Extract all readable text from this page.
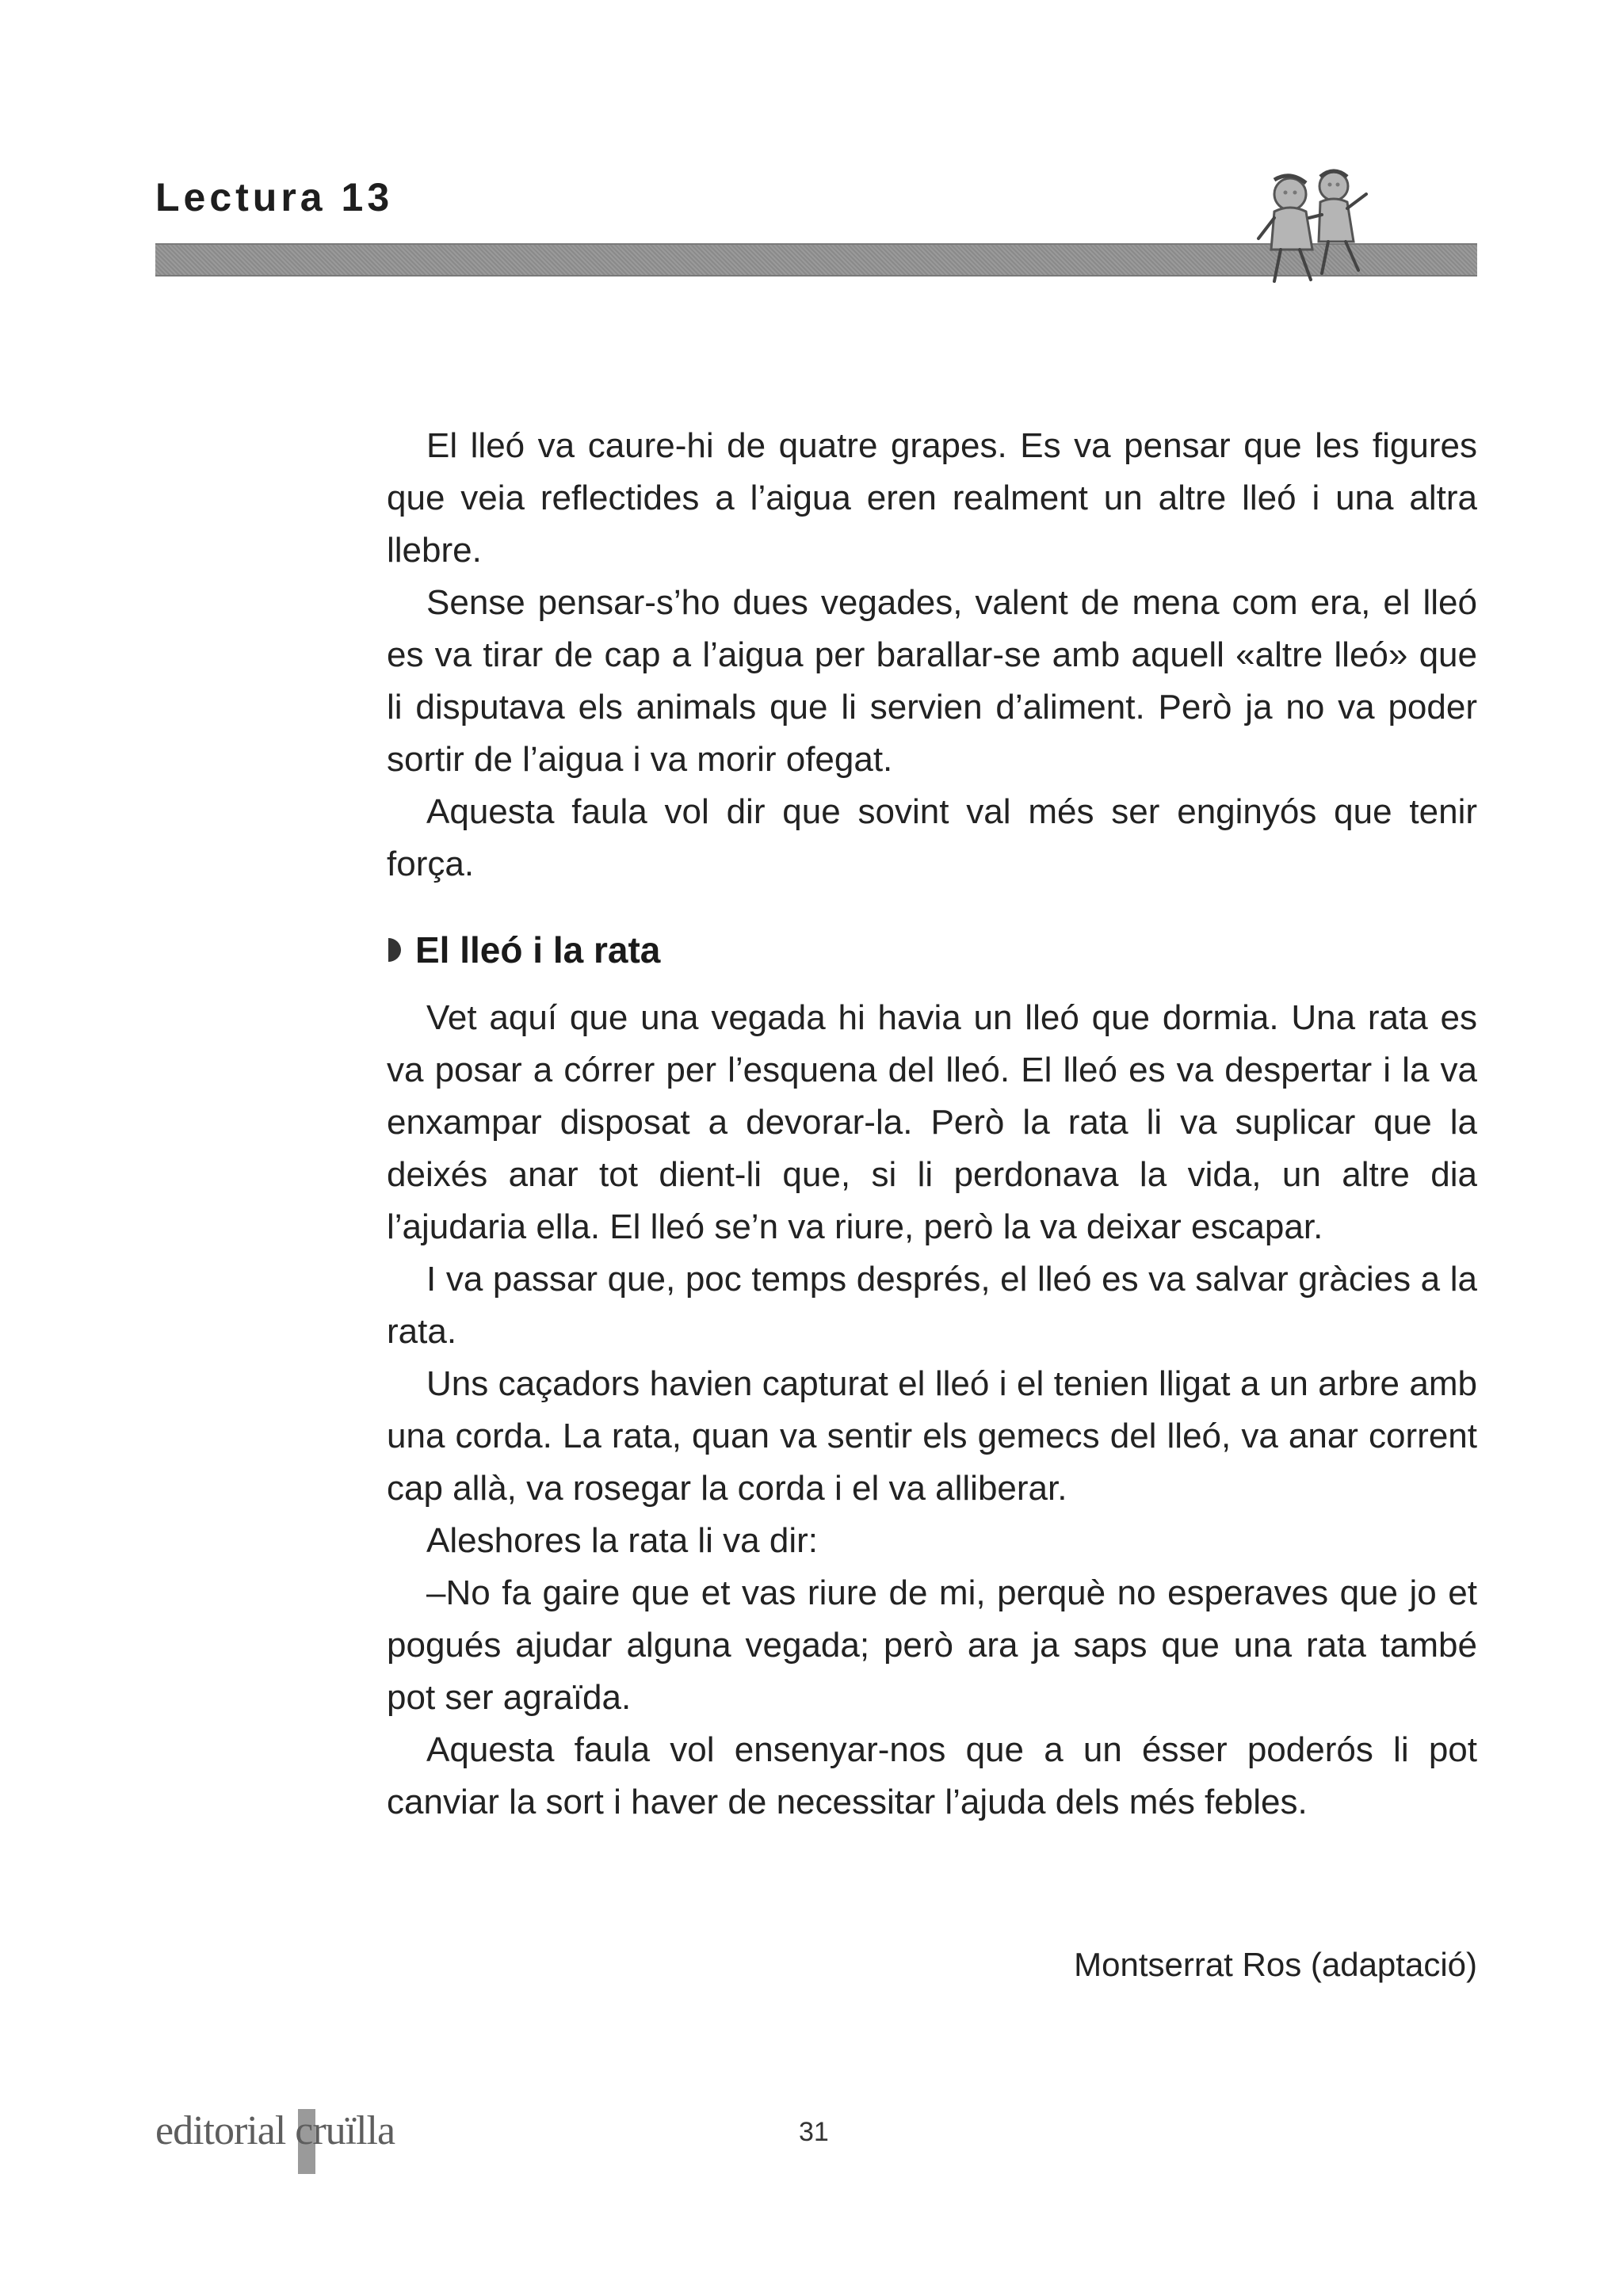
Lectura 13

El lleó va caure-hi de quatre grapes. Es va pensar que les figures que veia reflectides a l’aigua eren realment un altre lleó i una altra llebre.

Sense pensar-s’ho dues vegades, valent de mena com era, el lleó es va tirar de cap a l’aigua per barallar-se amb aquell «altre lleó» que li disputava els animals que li servien d’aliment. Però ja no va poder sortir de l’aigua i va morir ofegat.

Aquesta faula vol dir que sovint val més ser enginyós que tenir força.

El lleó i la rata

Vet aquí que una vegada hi havia un lleó que dormia. Una rata es va posar a córrer per l’esquena del lleó. El lleó es va despertar i la va enxampar disposat a devorar-la. Però la rata li va suplicar que la deixés anar tot dient-li que, si li perdonava la vida, un altre dia l’ajudaria ella. El lleó se’n va riure, però la va deixar escapar.

I va passar que, poc temps després, el lleó es va salvar gràcies a la rata.

Uns caçadors havien capturat el lleó i el tenien lligat a un arbre amb una corda. La rata, quan va sentir els gemecs del lleó, va anar corrent cap allà, va rosegar la corda i el va alliberar.

Aleshores la rata li va dir:

–No fa gaire que et vas riure de mi, perquè no esperaves que jo et pogués ajudar alguna vegada; però ara ja saps que una rata també pot ser agraïda.

Aquesta faula vol ensenyar-nos que a un ésser poderós li pot canviar la sort i haver de necessitar l’ajuda dels més febles.

Montserrat Ros (adaptació)
editorial cruïlla	31
